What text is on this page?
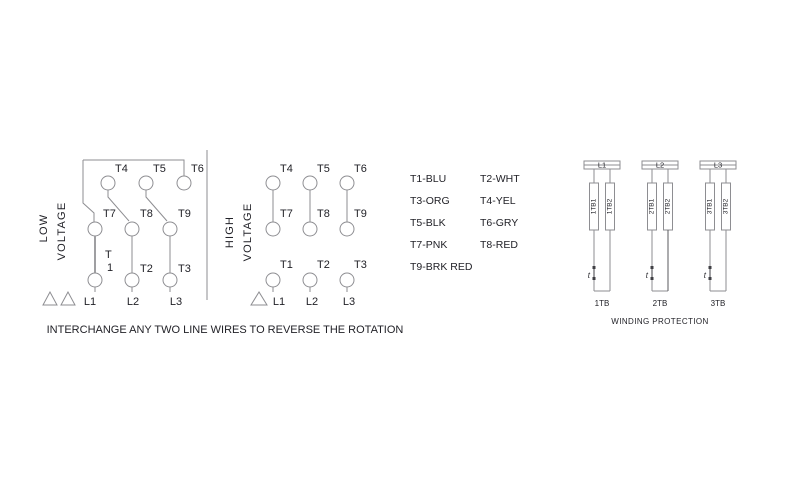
LOW VOLTAGE
T4 T5 T6
T7 T8 T9
T
1 T2 T3
L1	L2	L3
HIGH VOLTAGE
T4 T5 T6
T7 T8 T9
T1 T2 T3
L1 L2 L3
T1-BLU
T3-ORG
T5-BLK
T7-PNK
T9-BRK RED
T2-WHT
T4-YEL
T6-GRY
T8-RED
L1
1TB1 1TB2
t
1TB
L2
2TB1 2TB2
t
2TB
L3
3TB1 3TB2
t
3TB
WINDING PROTECTION
INTERCHANGE ANY TWO LINE WIRES TO REVERSE THE ROTATION
